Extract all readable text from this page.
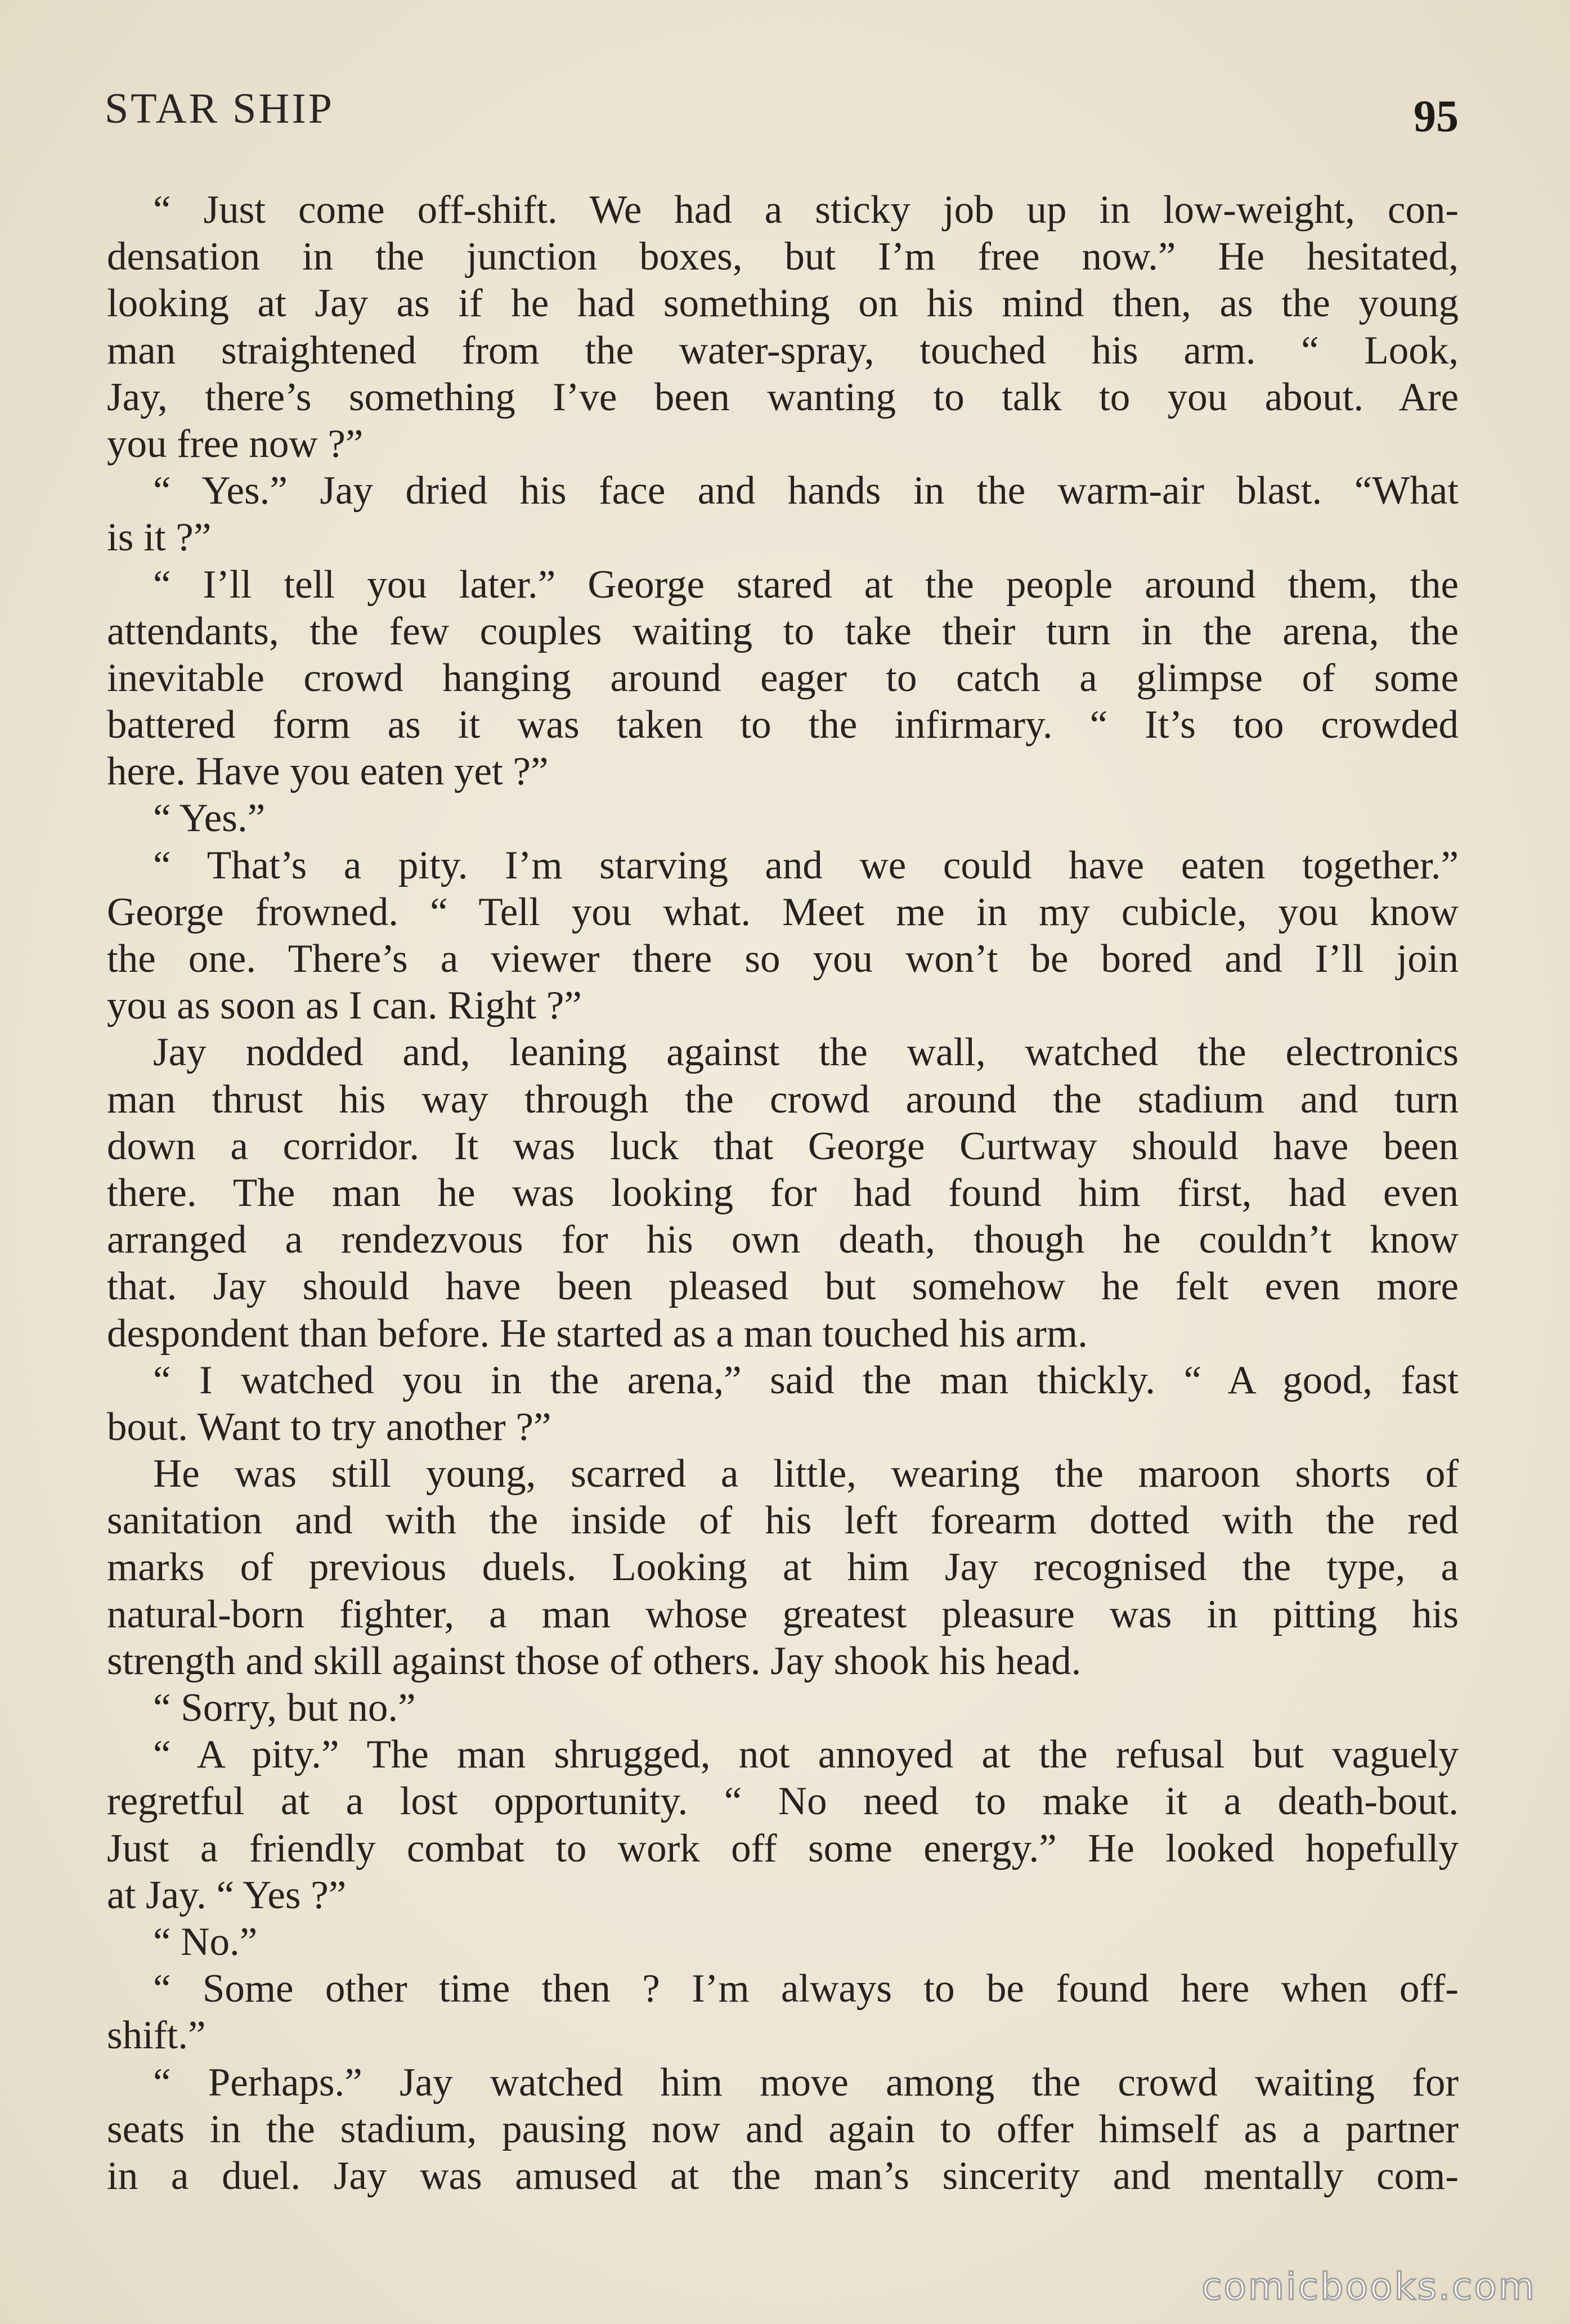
STAR SHIP	95
“ Just come off-shift. We had a sticky job up in low-weight, con-
densation in the junction boxes, but I’m free now.” He hesitated,
looking at Jay as if he had something on his mind then, as the young
man straightened from the water-spray, touched his arm. “ Look,
Jay, there’s something I’ve been wanting to talk to you about. Are
you free now ?”
“ Yes.” Jay dried his face and hands in the warm-air blast. “What
is it ?”
“ I’ll tell you later.” George stared at the people around them, the
attendants, the few couples waiting to take their turn in the arena, the
inevitable crowd hanging around eager to catch a glimpse of some
battered form as it was taken to the infirmary. “ It’s too crowded
here. Have you eaten yet ?”
“ Yes.”
“ That’s a pity. I’m starving and we could have eaten together.”
George frowned. “ Tell you what. Meet me in my cubicle, you know
the one. There’s a viewer there so you won’t be bored and I’ll join
you as soon as I can. Right ?”
Jay nodded and, leaning against the wall, watched the electronics
man thrust his way through the crowd around the stadium and turn
down a corridor. It was luck that George Curtway should have been
there. The man he was looking for had found him first, had even
arranged a rendezvous for his own death, though he couldn’t know
that. Jay should have been pleased but somehow he felt even more
despondent than before. He started as a man touched his arm.
“ I watched you in the arena,” said the man thickly. “ A good, fast
bout. Want to try another ?”
He was still young, scarred a little, wearing the maroon shorts of
sanitation and with the inside of his left forearm dotted with the red
marks of previous duels. Looking at him Jay recognised the type, a
natural-born fighter, a man whose greatest pleasure was in pitting his
strength and skill against those of others. Jay shook his head.
“ Sorry, but no.”
“ A pity.” The man shrugged, not annoyed at the refusal but vaguely
regretful at a lost opportunity. “ No need to make it a death-bout.
Just a friendly combat to work off some energy.” He looked hopefully
at Jay. “ Yes ?”
“ No.”
“ Some other time then ? I’m always to be found here when off-
shift.”
“ Perhaps.” Jay watched him move among the crowd waiting for
seats in the stadium, pausing now and again to offer himself as a partner
in a duel. Jay was amused at the man’s sincerity and mentally com-
comicbooks.com
